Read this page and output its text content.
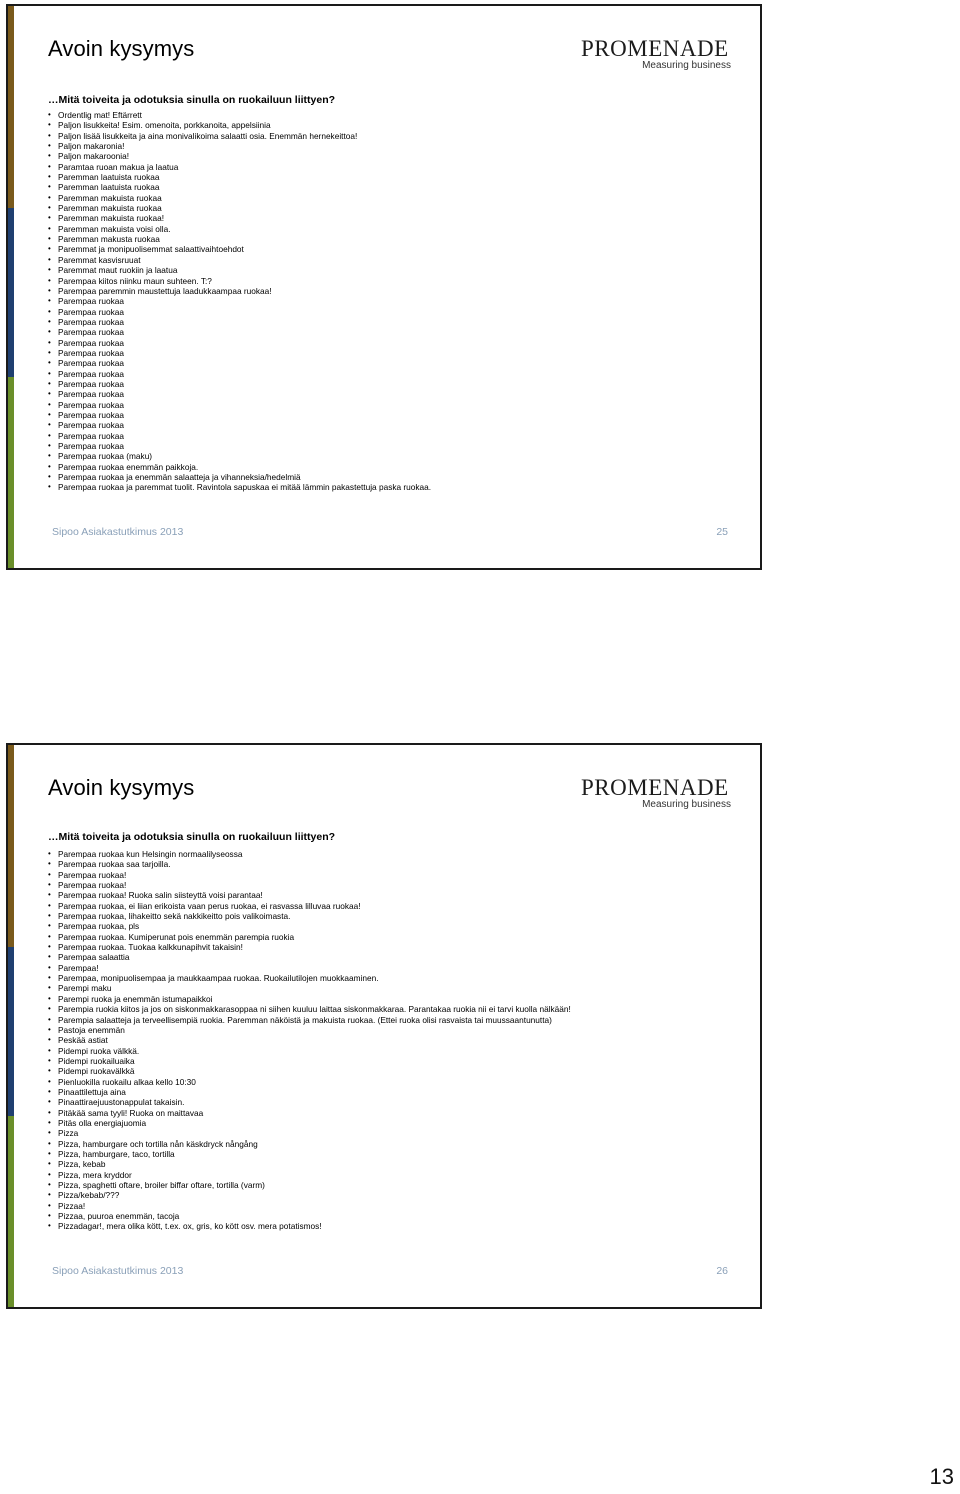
Avoin kysymys	PROMENADE
Measuring business
…Mitä toiveita ja odotuksia sinulla on ruokailuun liittyen?
• Ordentlig mat! Eftärrett
• Paljon lisukkeita! Esim. omenoita, porkkanoita, appelsiinia
• Paljon lisää lisukkeita ja aina monivalikoima salaatti osia. Enemmän hernekeittoa!
• Paljon makaronia!
• Paljon makaroonia!
• Paramtaa ruoan makua ja laatua
• Paremman laatuista ruokaa
• Paremman laatuista ruokaa
• Paremman makuista ruokaa
• Paremman makuista ruokaa
• Paremman makuista ruokaa!
• Paremman makuista voisi olla.
• Paremman makusta ruokaa
• Paremmat ja monipuolisemmat salaattivaihtoehdot
• Paremmat kasvisruuat
• Paremmat maut ruokiin ja laatua
• Parempaa kiitos niinku maun suhteen. T:?
• Parempaa paremmin maustettuja laadukkaampaa ruokaa!
• Parempaa ruokaa
• Parempaa ruokaa
• Parempaa ruokaa
• Parempaa ruokaa
• Parempaa ruokaa
• Parempaa ruokaa
• Parempaa ruokaa
• Parempaa ruokaa
• Parempaa ruokaa
• Parempaa ruokaa
• Parempaa ruokaa
• Parempaa ruokaa
• Parempaa ruokaa
• Parempaa ruokaa
• Parempaa ruokaa
• Parempaa ruokaa (maku)
• Parempaa ruokaa enemmän paikkoja.
• Parempaa ruokaa ja enemmän salaatteja ja vihanneksia/hedelmiä
• Parempaa ruokaa ja paremmat tuolit. Ravintola sapuskaa ei mitää lämmin pakastettuja paska ruokaa.
Sipoo Asiakastutkimus 2013	25
Avoin kysymys	PROMENADE
Measuring business
…Mitä toiveita ja odotuksia sinulla on ruokailuun liittyen?
• Parempaa ruokaa kun Helsingin normaalilyseossa
• Parempaa ruokaa saa tarjoilla.
• Parempaa ruokaa!
• Parempaa ruokaa!
• Parempaa ruokaa! Ruoka salin siisteyttä voisi parantaa!
• Parempaa ruokaa, ei liian erikoista vaan perus ruokaa, ei rasvassa lilluvaa ruokaa!
• Parempaa ruokaa, lihakeitto sekä nakkikeitto pois valikoimasta.
• Parempaa ruokaa, pls
• Parempaa ruokaa. Kumiperunat pois enemmän parempia ruokia
• Parempaa ruokaa. Tuokaa kalkkunapihvit takaisin!
• Parempaa salaattia
• Parempaa!
• Parempaa, monipuolisempaa ja maukkaampaa ruokaa. Ruokailutilojen muokkaaminen.
• Parempi maku
• Parempi ruoka ja enemmän istumapaikkoi
• Parempia ruokia kiitos ja jos on siskonmakkarasoppaa ni siihen kuuluu laittaa siskonmakkaraa. Parantakaa ruokia nii ei tarvi kuolla nälkään!
• Parempia salaatteja ja terveellisempiä ruokia. Paremman näköistä ja makuista ruokaa. (Ettei ruoka olisi rasvaista tai muussaantunutta)
• Pastoja enemmän
• Peskää astiat
• Pidempi ruoka välkkä.
• Pidempi ruokailuaika
• Pidempi ruokavälkkä
• Pienluokilla ruokailu alkaa kello 10:30
• Pinaattilettuja aina
• Pinaattiraejuustonappulat takaisin.
• Pitäkää sama tyyli! Ruoka on maittavaa
• Pitäs olla energiajuomia
• Pizza
• Pizza, hamburgare och tortilla nån käskdryck nångång
• Pizza, hamburgare, taco, tortilla
• Pizza, kebab
• Pizza, mera kryddor
• Pizza, spaghetti oftare, broiler biffar oftare, tortilla (varm)
• Pizza/kebab/???
• Pizzaa!
• Pizzaa, puuroa enemmän, tacoja
• Pizzadagar!, mera olika kött, t.ex. ox, gris, ko kött osv. mera potatismos!
Sipoo Asiakastutkimus 2013	26
13
